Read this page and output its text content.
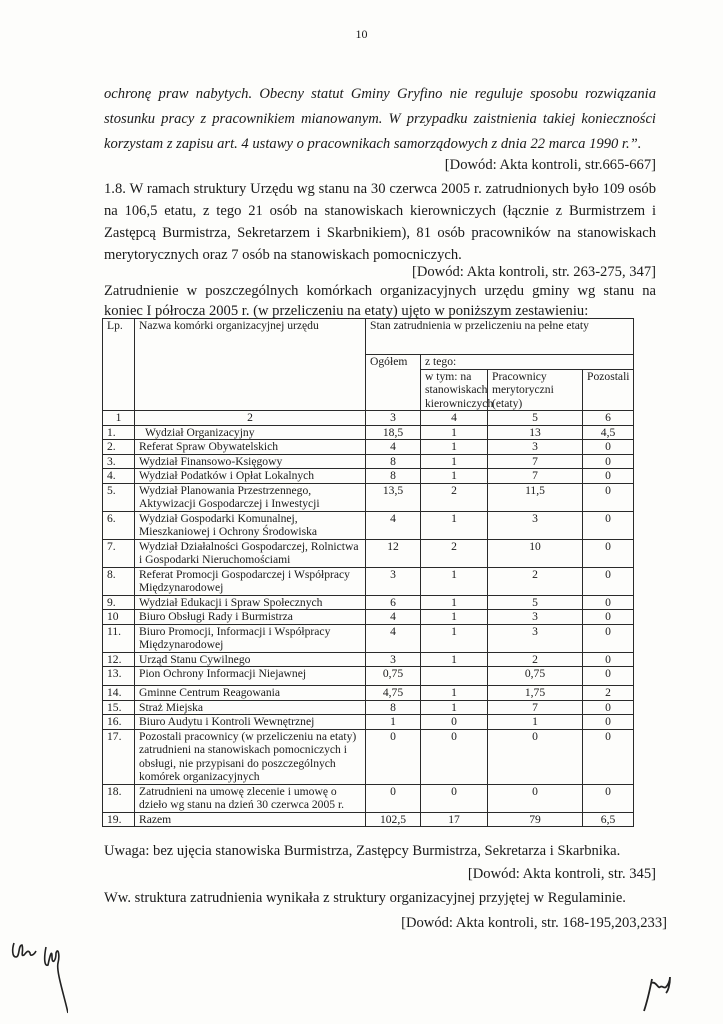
10
ochronę praw nabytych. Obecny statut Gminy Gryfino nie reguluje sposobu rozwiązania stosunku pracy z pracownikiem mianowanym. W przypadku zaistnienia takiej konieczności korzystam z zapisu art. 4 ustawy o pracownikach samorządowych z dnia 22 marca 1990 r.”.
[Dowód: Akta kontroli, str.665-667]
1.8. W ramach struktury Urzędu wg stanu na 30 czerwca 2005 r. zatrudnionych było 109 osób na 106,5 etatu, z tego 21 osób na stanowiskach kierowniczych (łącznie z Burmistrzem i Zastępcą Burmistrza, Sekretarzem i Skarbnikiem), 81 osób pracowników na stanowiskach merytorycznych oraz 7 osób na stanowiskach pomocniczych.
[Dowód: Akta kontroli, str. 263-275, 347]
Zatrudnienie w poszczególnych komórkach organizacyjnych urzędu gminy wg stanu na koniec I półrocza 2005 r. (w przeliczeniu na etaty) ujęto w poniższym zestawieniu:
Lp.	Nazwa komórki organizacyjnej urzędu	Stan zatrudnienia w przeliczeniu na pełne etaty			
		Ogółem	z tego:		
			w tym: na stanowiskach kierowniczych	Pracownicy merytoryczni (etaty)	Pozostali
1	2	3	4	5	6
1.	Wydział Organizacyjny	18,5	1	13	4,5
2.	Referat Spraw Obywatelskich	4	1	3	0
3.	Wydział Finansowo-Księgowy	8	1	7	0
4.	Wydział Podatków i Opłat Lokalnych	8	1	7	0
5.	Wydział Planowania Przestrzennego, Aktywizacji Gospodarczej i Inwestycji	13,5	2	11,5	0
6.	Wydział Gospodarki Komunalnej, Mieszkaniowej i Ochrony Środowiska	4	1	3	0
7.	Wydział Działalności Gospodarczej, Rolnictwa i Gospodarki Nieruchomościami	12	2	10	0
8.	Referat Promocji Gospodarczej i Współpracy Międzynarodowej	3	1	2	0
9.	Wydział Edukacji i Spraw Społecznych	6	1	5	0
10	Biuro Obsługi Rady i Burmistrza	4	1	3	0
11.	Biuro Promocji, Informacji i Współpracy Międzynarodowej	4	1	3	0
12.	Urząd Stanu Cywilnego	3	1	2	0
13.	Pion Ochrony Informacji Niejawnej	0,75		0,75	0
14.	Gminne Centrum Reagowania	4,75	1	1,75	2
15.	Straż Miejska	8	1	7	0
16.	Biuro Audytu i Kontroli Wewnętrznej	1	0	1	0
17.	Pozostali pracownicy (w przeliczeniu na etaty) zatrudnieni na stanowiskach pomocniczych i obsługi, nie przypisani do poszczególnych komórek organizacyjnych	0	0	0	0
18.	Zatrudnieni na umowę zlecenie i umowę o dzieło wg stanu na dzień 30 czerwca 2005 r.	0	0	0	0
19.	Razem	102,5	17	79	6,5
Uwaga: bez ujęcia stanowiska Burmistrza, Zastępcy Burmistrza, Sekretarza i Skarbnika.
[Dowód: Akta kontroli, str. 345]
Ww. struktura zatrudnienia wynikała z struktury organizacyjnej przyjętej w Regulaminie.
[Dowód: Akta kontroli, str. 168-195,203,233]
